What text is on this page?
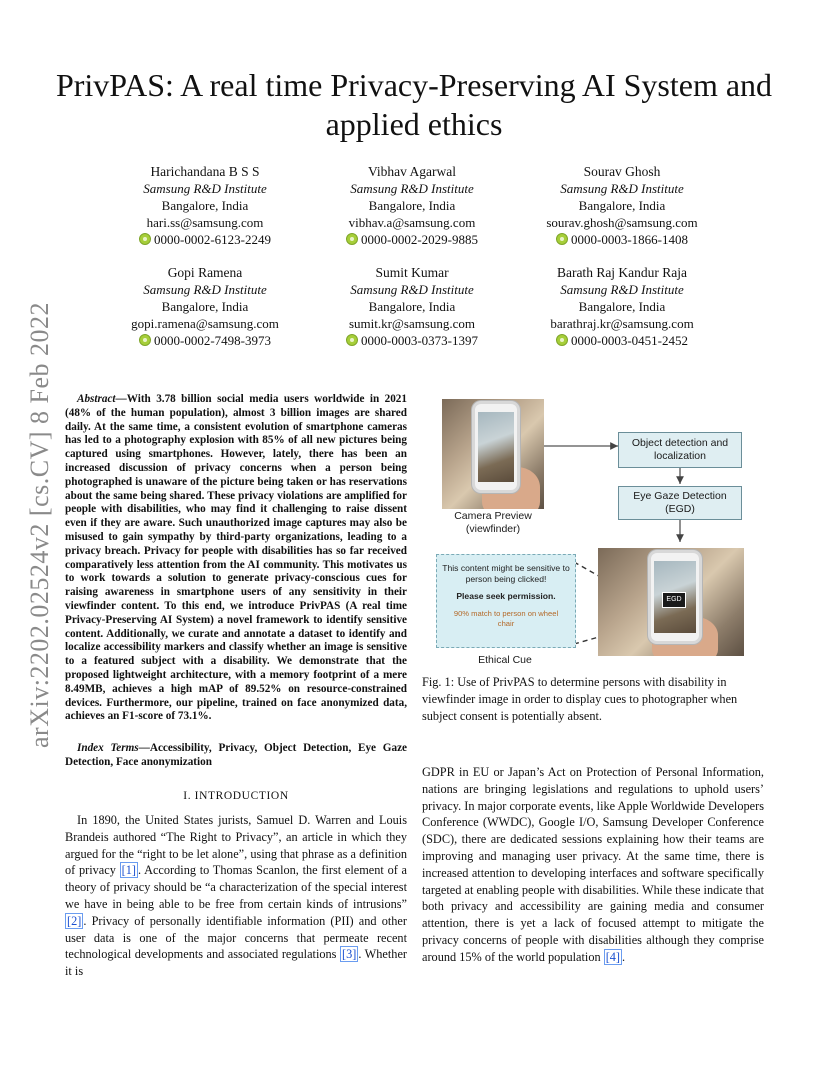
arXiv:2202.02524v2 [cs.CV] 8 Feb 2022
PrivPAS: A real time Privacy-Preserving AI System and applied ethics
Harichandana B S S
Samsung R&D Institute
Bangalore, India
hari.ss@samsung.com
0000-0002-6123-2249
Vibhav Agarwal
Samsung R&D Institute
Bangalore, India
vibhav.a@samsung.com
0000-0002-2029-9885
Sourav Ghosh
Samsung R&D Institute
Bangalore, India
sourav.ghosh@samsung.com
0000-0003-1866-1408
Gopi Ramena
Samsung R&D Institute
Bangalore, India
gopi.ramena@samsung.com
0000-0002-7498-3973
Sumit Kumar
Samsung R&D Institute
Bangalore, India
sumit.kr@samsung.com
0000-0003-0373-1397
Barath Raj Kandur Raja
Samsung R&D Institute
Bangalore, India
barathraj.kr@samsung.com
0000-0003-0451-2452
Abstract—With 3.78 billion social media users worldwide in 2021 (48% of the human population), almost 3 billion images are shared daily. At the same time, a consistent evolution of smartphone cameras has led to a photography explosion with 85% of all new pictures being captured using smartphones. However, lately, there has been an increased discussion of privacy concerns when a person being photographed is unaware of the picture being taken or has reservations about the same being shared. These privacy violations are amplified for people with disabilities, who may find it challenging to raise dissent even if they are aware. Such unauthorized image captures may also be misused to gain sympathy by third-party organizations, leading to a privacy breach. Privacy for people with disabilities has so far received comparatively less attention from the AI community. This motivates us to work towards a solution to generate privacy-conscious cues for raising awareness in smartphone users of any sensitivity in their viewfinder content. To this end, we introduce PrivPAS (A real time Privacy-Preserving AI System) a novel framework to identify sensitive content. Additionally, we curate and annotate a dataset to identify and localize accessibility markers and classify whether an image is sensitive to a featured subject with a disability. We demonstrate that the proposed lightweight architecture, with a memory footprint of a mere 8.49MB, achieves a high mAP of 89.52% on resource-constrained devices. Furthermore, our pipeline, trained on face anonymized data, achieves an F1-score of 73.1%.
Index Terms—Accessibility, Privacy, Object Detection, Eye Gaze Detection, Face anonymization
I. INTRODUCTION
In 1890, the United States jurists, Samuel D. Warren and Louis Brandeis authored “The Right to Privacy”, an article in which they argued for the “right to be let alone”, using that phrase as a definition of privacy [1] . According to Thomas Scanlon, the first element of a theory of privacy should be “a characterization of the special interest we have in being able to be free from certain kinds of intrusions” [2] . Privacy of personally identifiable information (PII) and other user data is one of the major concerns that permeate recent technological developments and associated regulations [3] . Whether it is
Camera Preview (viewfinder)
Object detection and localization
Eye Gaze Detection (EGD)
EGD
This content might be sensitive to person being clicked!
Please seek permission.
90% match to person on wheel chair
Ethical Cue
Fig. 1: Use of PrivPAS to determine persons with disability in viewfinder image in order to display cues to photographer when subject consent is potentially absent.
GDPR in EU or Japan’s Act on Protection of Personal Information, nations are bringing legislations and regulations to uphold users’ privacy. In major corporate events, like Apple Worldwide Developers Conference (WWDC), Google I/O, Samsung Developer Conference (SDC), there are dedicated sessions explaining how their teams are improving and managing user privacy. At the same time, there is increased attention to developing interfaces and software specifically targeted at enabling people with disabilities. While these indicate that both privacy and accessibility are gaining media and consumer attention, there is yet a lack of focused attempt to mitigate the privacy concerns of people with disabilities although they comprise around 15% of the world population [4] .
